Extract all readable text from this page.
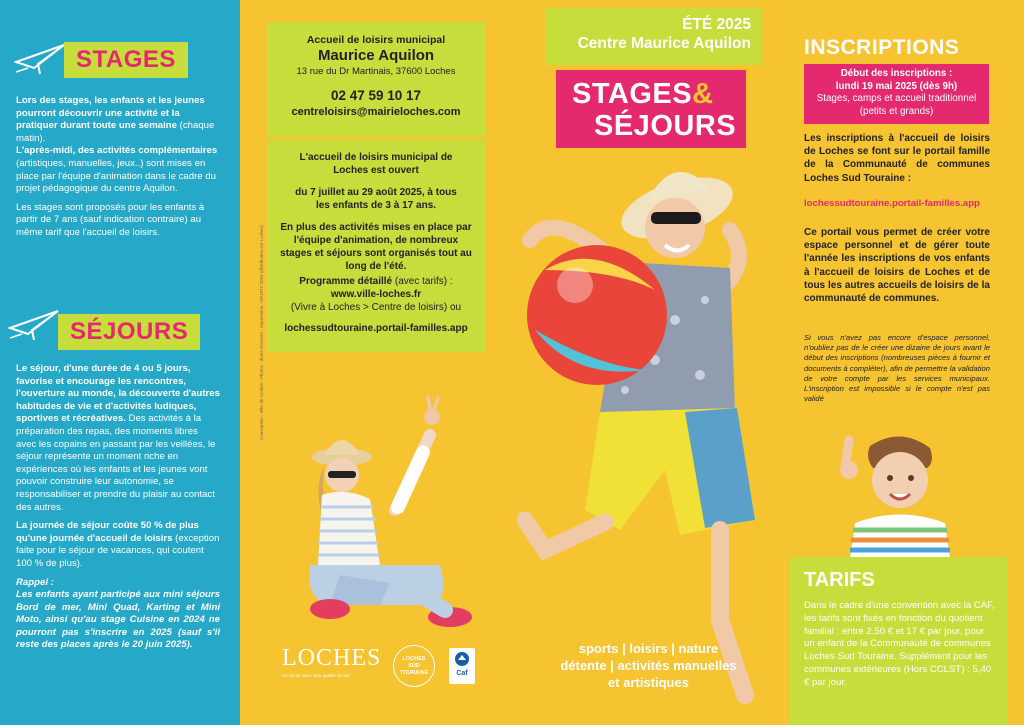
STAGES

Lors des stages, les enfants et les jeunes pourront découvrir une activité et la pratiquer durant toute une semaine (chaque matin).
L'après-midi, des activités complémentaires (artistiques, manuelles, jeux..) sont mises en place par l'équipe d'animation dans le cadre du projet pédagogique du centre Aquilon.

Les stages sont proposés pour les enfants à partir de 7 ans (sauf indication contraire) au même tarif que l'accueil de loisirs.

SÉJOURS

Le séjour, d'une durée de 4 ou 5 jours, favorise et encourage les rencontres, l'ouverture au monde, la découverte d'autres habitudes de vie et d'activités ludiques, sportives et récréatives. Des activités à la préparation des repas, des moments libres avec les copains en passant par les veillées, le séjour représente un moment riche en expériences où les enfants et les jeunes vont pouvoir construire leur autonomie, se responsabiliser et prendre du plaisir au contact des autres.

La journée de séjour coûte 50 % de plus qu'une journée d'accueil de loisirs (exception faite pour le séjour de vacances, qui coutent 100 % de plus).

Rappel :
Les enfants ayant participé aux mini séjours Bord de mer, Mini Quad, Karting et Mini Moto, ainsi qu'au stage Cuisine en 2024 ne pourront pas s'inscrire en 2025 (sauf s'il reste des places après le 20 juin 2025).

Accueil de loisirs municipal
Maurice Aquilon
13 rue du Dr Martinais, 37600 Loches
02 47 59 10 17
centreloisirs@mairieloches.com
L'accueil de loisirs municipal de Loches est ouvert
du 7 juillet au 29 août 2025, à tous les enfants de 3 à 17 ans.
En plus des activités mises en place par l'équipe d'animation, de nombreux stages et séjours sont organisés tout au long de l'été.
Programme détaillé (avec tarifs) :
www.ville-loches.fr
(Vivre à Loches > Centre de loisirs) ou
lochessudtouraine.portail-familles.app
Conception : Ville de Loches - Photos : droits réservés - Impression : MAORY 2025 (distribution sur Loches)
ÉTÉ 2025
Centre Maurice Aquilon
STAGES&
SÉJOURS
sports | loisirs | nature
détente | activités manuelles
et artistiques
LOCHES
Un art de vivre, une qualité de vie
LOCHES
SUD
TOURAINE	Caf
INSCRIPTIONS
Début des inscriptions :
lundi 19 mai 2025 (dès 9h)
Stages, camps et accueil traditionnel (petits et grands)
Les inscriptions à l'accueil de loisirs de Loches se font sur le portail famille de la Communauté de communes Loches Sud Touraine :
lochessudtouraine.portail-familles.app
Ce portail vous permet de créer votre espace personnel et de gérer toute l'année les inscriptions de vos enfants à l'accueil de loisirs de Loches et de tous les autres accueils de loisirs de la communauté de communes.
Si vous n'avez pas encore d'espace personnel, n'oubliez pas de le créer une dizaine de jours avant le début des inscriptions (nombreuses pièces à fournir et documents à compléter), afin de permettre la validation de votre compte par les services municipaux. L'inscription est impossible si le compte n'est pas validé
TARIFS

Dans le cadre d'une convention avec la CAF, les tarifs sont fixés en fonction du quotient familial : entre 2,50 € et 17 € par jour, pour un enfant de la Communauté de communes Loches Sud Touraine. Supplément pour les communes extérieures (Hors CCLST) : 5,40 € par jour.
